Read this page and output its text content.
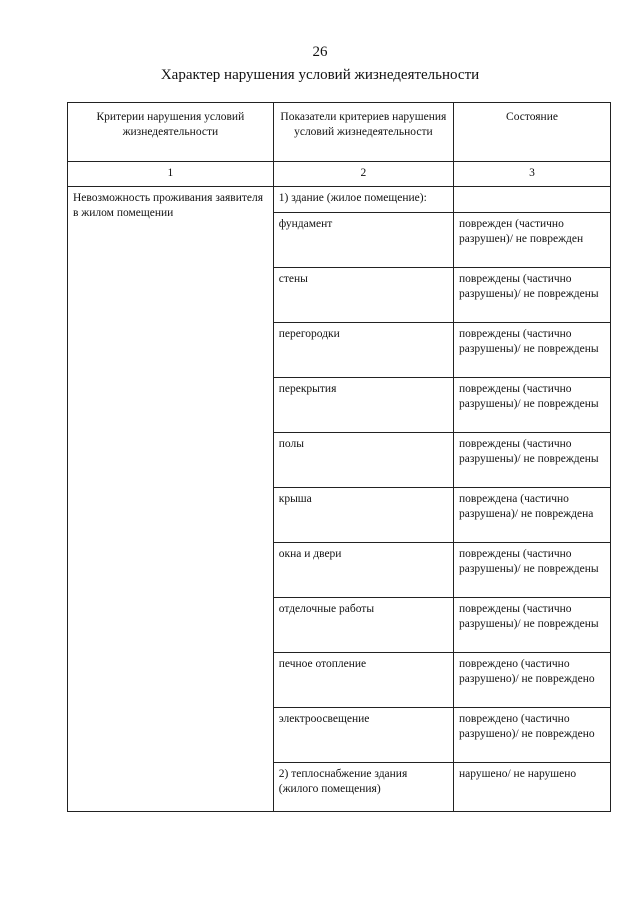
26
Характер нарушения условий жизнедеятельности
Критерии нарушения условий жизнедеятельности	Показатели критериев нарушения условий жизнедеятельности	Состояние
1	2	3
Невозможность проживания заявителя в жилом помещении	1) здание (жилое помещение):	
	фундамент	поврежден (частично разрушен)/ не поврежден
	стены	повреждены (частично разрушены)/ не повреждены
	перегородки	повреждены (частично разрушены)/ не повреждены
	перекрытия	повреждены (частично разрушены)/ не повреждены
	полы	повреждены (частично разрушены)/ не повреждены
	крыша	повреждена (частично разрушена)/ не повреждена
	окна и двери	повреждены (частично разрушены)/ не повреждены
	отделочные работы	повреждены (частично разрушены)/ не повреждены
	печное отопление	повреждено (частично разрушено)/ не повреждено
	электроосвещение	повреждено (частично разрушено)/ не повреждено
	2) теплоснабжение здания (жилого помещения)	нарушено/ не нарушено
